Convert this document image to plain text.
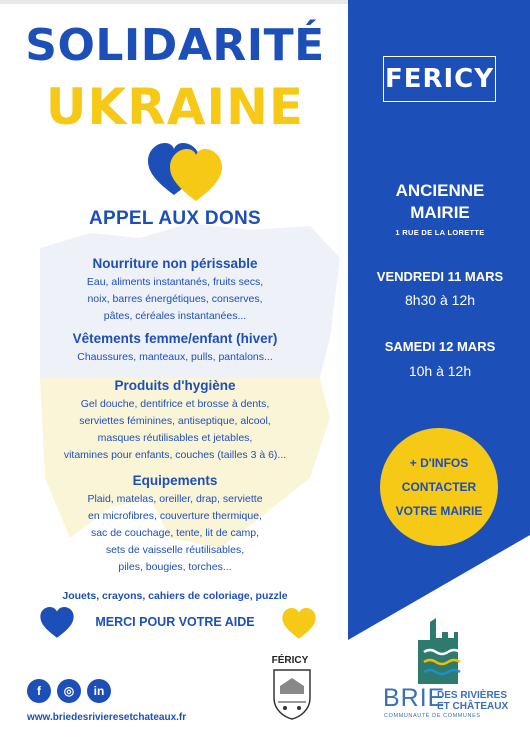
SOLIDARITÉ
UKRAINE
APPEL AUX DONS
Nourriture non périssable
Eau, aliments instantanés, fruits secs,
noix, barres énergétiques, conserves,
pâtes, céréales instantanées...
Vêtements femme/enfant (hiver)
Chaussures, manteaux, pulls, pantalons...
Produits d'hygiène
Gel douche, dentifrice et brosse à dents,
serviettes féminines, antiseptique, alcool,
masques réutilisables et jetables,
vitamines pour enfants, couches (tailles 3 à 6)...
Equipements
Plaid, matelas, oreiller, drap, serviette
en microfibres, couverture thermique,
sac de couchage, tente, lit de camp,
sets de vaisselle réutilisables,
piles, bougies, torches...
Jouets, crayons, cahiers de coloriage, puzzle
MERCI POUR VOTRE AIDE
f	◎	in
www.briedesrivieresetchateaux.fr
FERICY
ANCIENNE
MAIRIE
1 RUE DE LA LORETTE
VENDREDI 11 MARS
8h30 à 12h
SAMEDI 12 MARS
10h à 12h
+ D'INFOS
CONTACTER
VOTRE MAIRIE
FÉRICY
BRIE
DES RIVIÈRES
ET CHÂTEAUX
COMMUNAUTÉ DE COMMUNES
